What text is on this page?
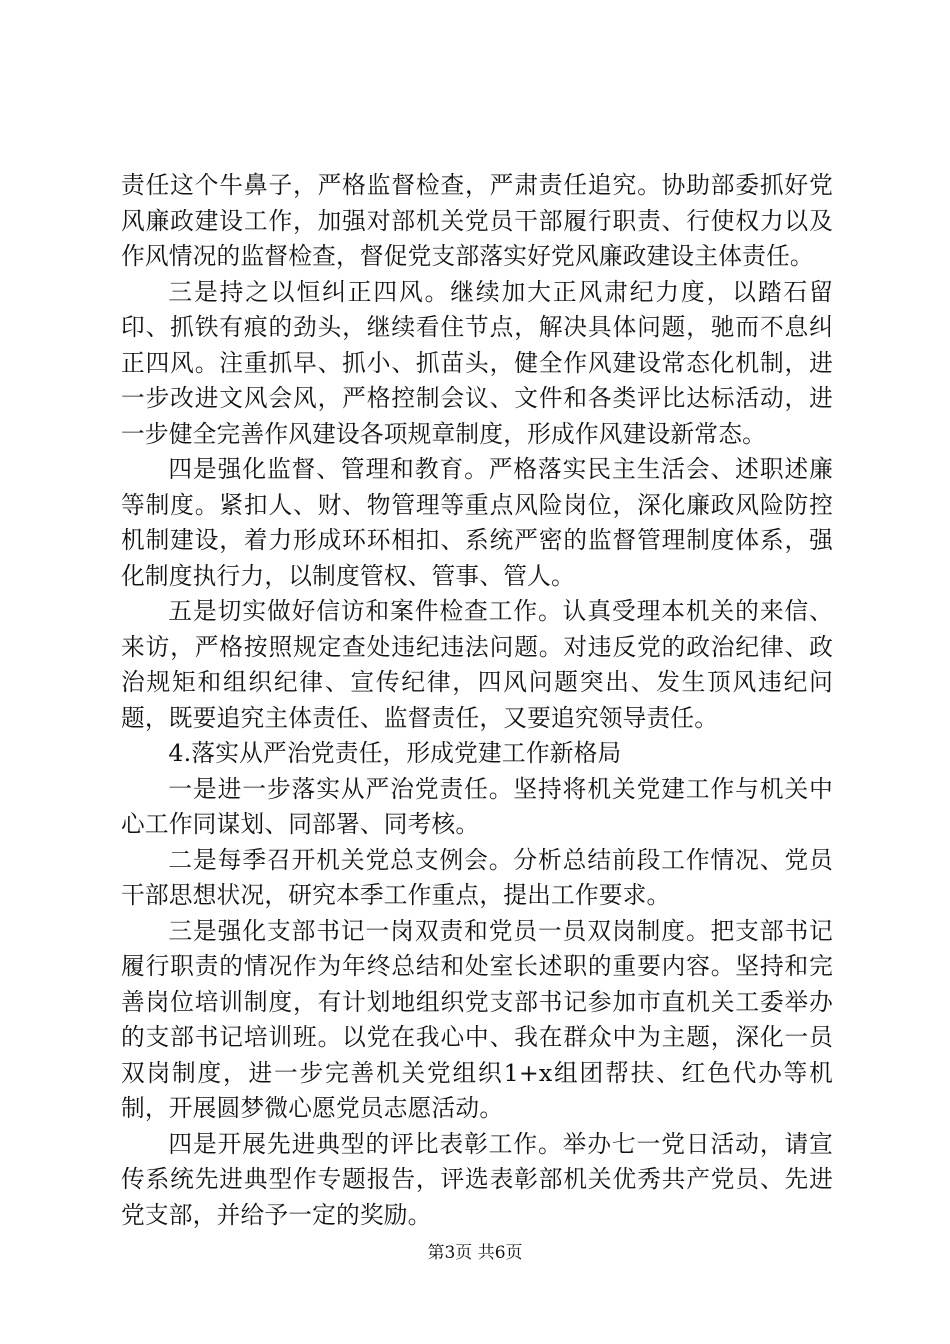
责任这个牛鼻子，严格监督检查，严肃责任追究。协助部委抓好党风廉政建设工作，加强对部机关党员干部履行职责、行使权力以及作风情况的监督检查，督促党支部落实好党风廉政建设主体责任。

三是持之以恒纠正四风。继续加大正风肃纪力度，以踏石留印、抓铁有痕的劲头，继续看住节点，解决具体问题，驰而不息纠正四风。注重抓早、抓小、抓苗头，健全作风建设常态化机制，进一步改进文风会风，严格控制会议、文件和各类评比达标活动，进一步健全完善作风建设各项规章制度，形成作风建设新常态。

四是强化监督、管理和教育。严格落实民主生活会、述职述廉等制度。紧扣人、财、物管理等重点风险岗位，深化廉政风险防控机制建设，着力形成环环相扣、系统严密的监督管理制度体系，强化制度执行力，以制度管权、管事、管人。

五是切实做好信访和案件检查工作。认真受理本机关的来信、来访，严格按照规定查处违纪违法问题。对违反党的政治纪律、政治规矩和组织纪律、宣传纪律，四风问题突出、发生顶风违纪问题，既要追究主体责任、监督责任，又要追究领导责任。

4.落实从严治党责任，形成党建工作新格局

一是进一步落实从严治党责任。坚持将机关党建工作与机关中心工作同谋划、同部署、同考核。

二是每季召开机关党总支例会。分析总结前段工作情况、党员干部思想状况，研究本季工作重点，提出工作要求。

三是强化支部书记一岗双责和党员一员双岗制度。把支部书记履行职责的情况作为年终总结和处室长述职的重要内容。坚持和完善岗位培训制度，有计划地组织党支部书记参加市直机关工委举办的支部书记培训班。以党在我心中、我在群众中为主题，深化一员双岗制度，进一步完善机关党组织1+x组团帮扶、红色代办等机制，开展圆梦微心愿党员志愿活动。

四是开展先进典型的评比表彰工作。举办七一党日活动，请宣传系统先进典型作专题报告，评选表彰部机关优秀共产党员、先进党支部，并给予一定的奖励。

第3页 共6页
